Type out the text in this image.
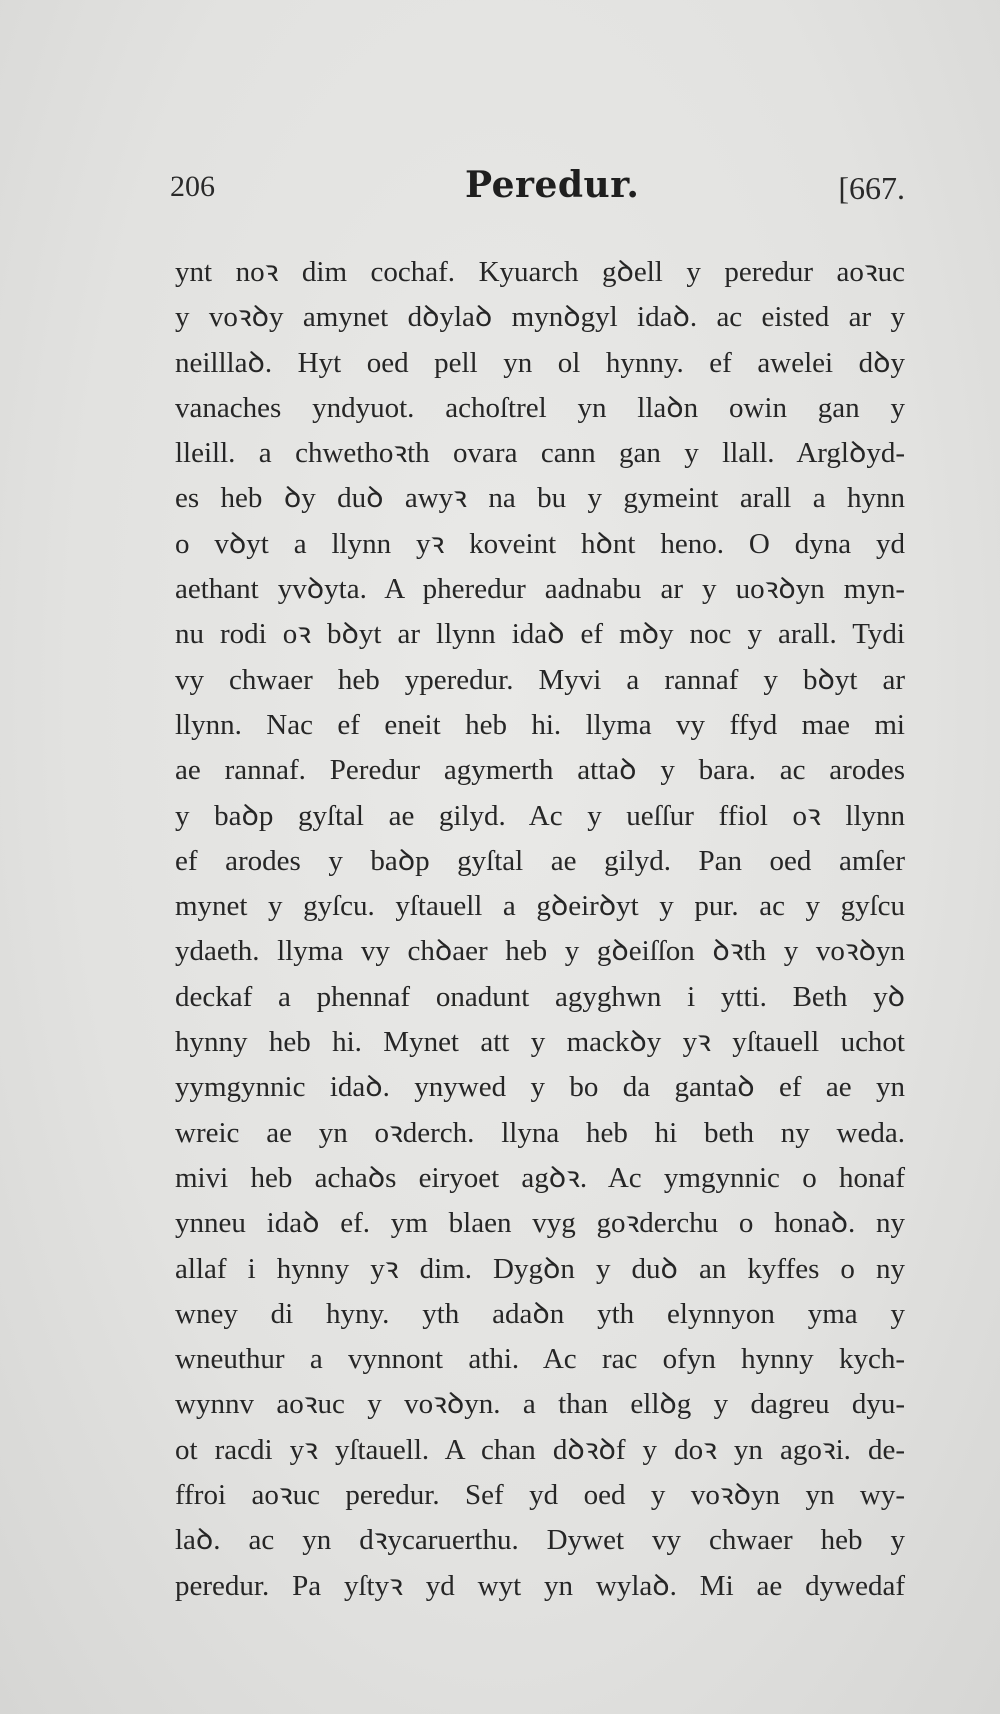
206	Peredur.	[667.
ynt noꝛ dim cochaf. Kyuarch gꝺell y peredur aoꝛuc
y voꝛꝺy amynet dꝺylaꝺ mynꝺgyl idaꝺ. ac eisted ar y
neilllaꝺ. Hyt oed pell yn ol hynny. ef awelei dꝺy
vanaches yndyuot. achoſtrel yn llaꝺn owin gan y
lleill. a chwethoꝛth ovara cann gan y llall. Arglꝺyd-
es heb ꝺy duꝺ awyꝛ na bu y gymeint arall a hynn
o vꝺyt a llynn yꝛ koveint hꝺnt heno. O dyna yd
aethant yvꝺyta. A pheredur aadnabu ar y uoꝛꝺyn myn-
nu rodi oꝛ bꝺyt ar llynn idaꝺ ef mꝺy noc y arall. Tydi
vy chwaer heb yperedur. Myvi a rannaf y bꝺyt ar
llynn. Nac ef eneit heb hi. llyma vy ffyd mae mi
ae rannaf. Peredur agymerth attaꝺ y bara. ac arodes
y baꝺp gyſtal ae gilyd. Ac y ueſſur ffiol oꝛ llynn
ef arodes y baꝺp gyſtal ae gilyd. Pan oed amſer
mynet y gyſcu. yſtauell a gꝺeirꝺyt y pur. ac y gyſcu
ydaeth. llyma vy chꝺaer heb y gꝺeiſſon ꝺꝛth y voꝛꝺyn
deckaf a phennaf onadunt agyghwn i ytti. Beth yꝺ
hynny heb hi. Mynet att y mackꝺy yꝛ yſtauell uchot
yymgynnic idaꝺ. ynywed y bo da gantaꝺ ef ae yn
wreic ae yn oꝛderch. llyna heb hi beth ny weda.
mivi heb achaꝺs eiryoet agꝺꝛ. Ac ymgynnic o honaf
ynneu idaꝺ ef. ym blaen vyg goꝛderchu o honaꝺ. ny
allaf i hynny yꝛ dim. Dygꝺn y duꝺ an kyffes o ny
wney di hyny. yth adaꝺn yth elynnyon yma y
wneuthur a vynnont athi. Ac rac ofyn hynny kych-
wynnv aoꝛuc y voꝛꝺyn. a than ellꝺg y dagreu dyu-
ot racdi yꝛ yſtauell. A chan dꝺꝛꝺf y doꝛ yn agoꝛi. de-
ffroi aoꝛuc peredur. Sef yd oed y voꝛꝺyn yn wy-
laꝺ. ac yn dꝛycaruerthu. Dywet vy chwaer heb y
peredur. Pa yſtyꝛ yd wyt yn wylaꝺ. Mi ae dywedaf
